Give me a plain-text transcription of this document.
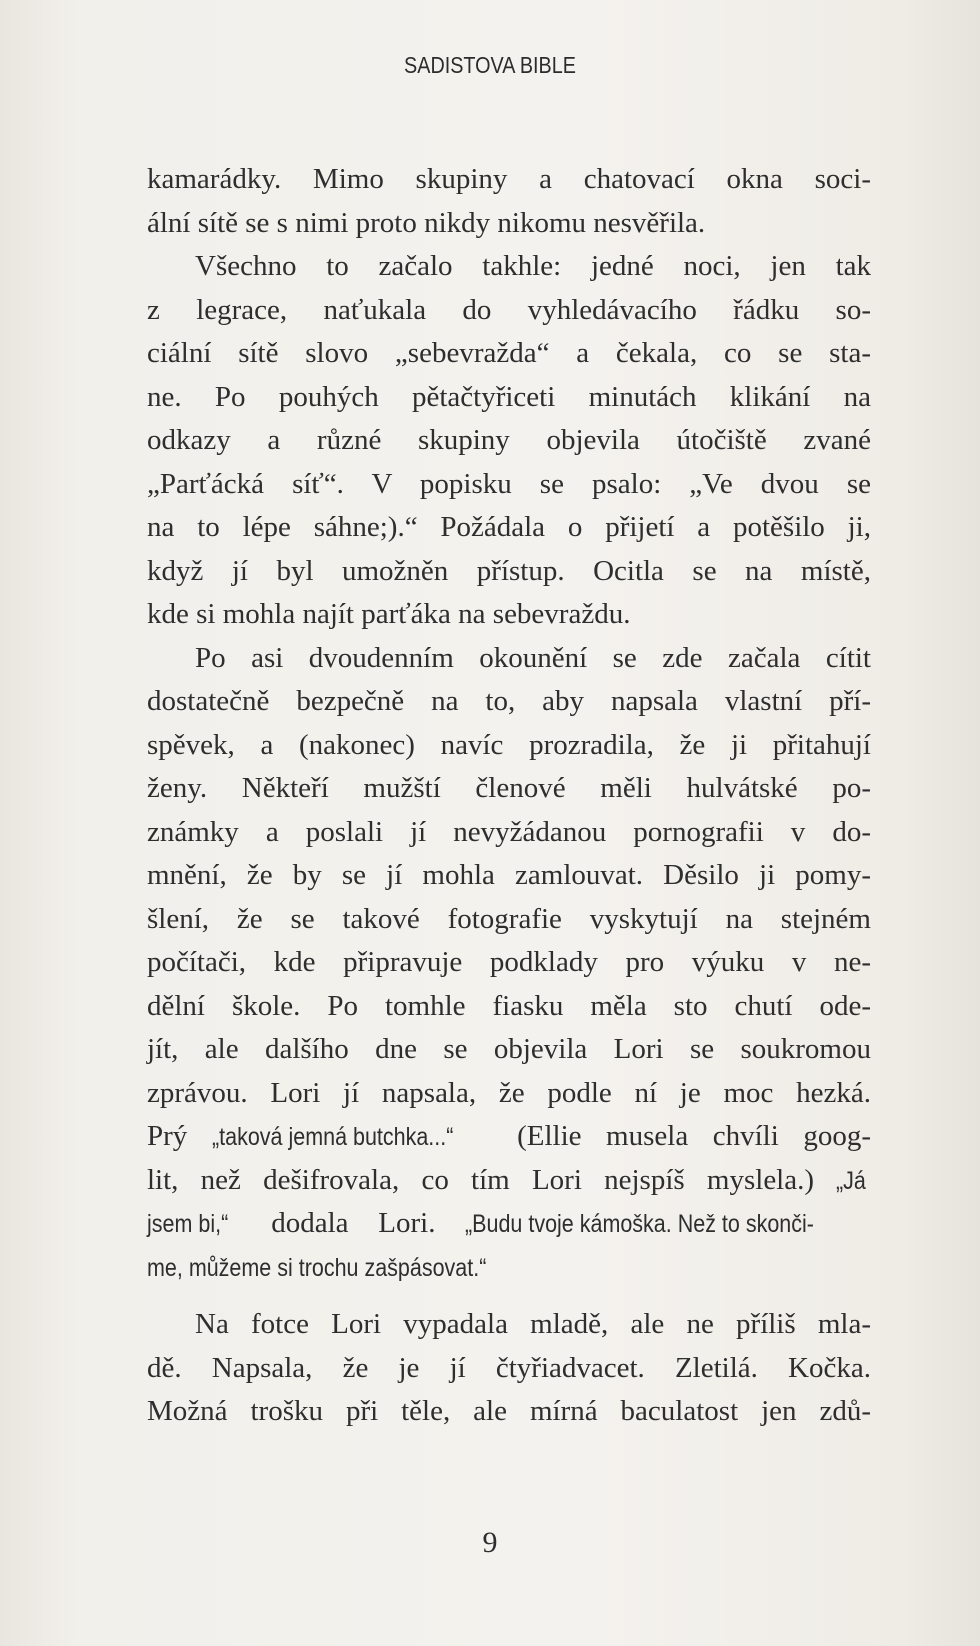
SADISTOVA BIBLE
kamarádky. Mimo skupiny a chatovací okna soci-
ální sítě se s nimi proto nikdy nikomu nesvěřila.
Všechno to začalo takhle: jedné noci, jen tak
z legrace, naťukala do vyhledávacího řádku so-
ciální sítě slovo „sebevražda“ a čekala, co se sta-
ne. Po pouhých pětačtyřiceti minutách klikání na
odkazy a různé skupiny objevila útočiště zvané
„Parťácká síť“. V popisku se psalo: „Ve dvou se
na to lépe sáhne;).“ Požádala o přijetí a potěšilo ji,
když jí byl umožněn přístup. Ocitla se na místě,
kde si mohla najít parťáka na sebevraždu.
Po asi dvoudenním okounění se zde začala cítit
dostatečně bezpečně na to, aby napsala vlastní pří-
spěvek, a (nakonec) navíc prozradila, že ji přitahují
ženy. Někteří mužští členové měli hulvátské po-
známky a poslali jí nevyžádanou pornografii v do-
mnění, že by se jí mohla zamlouvat. Děsilo ji pomy-
šlení, že se takové fotografie vyskytují na stejném
počítači, kde připravuje podklady pro výuku v ne-
dělní škole. Po tomhle fiasku měla sto chutí ode-
jít, ale dalšího dne se objevila Lori se soukromou
zprávou. Lori jí napsala, že podle ní je moc hezká.
Prý „taková jemná butchka...“ (Ellie musela chvíli goog-
lit, než dešifrovala, co tím Lori nejspíš myslela.) „Já
jsem bi,“ dodala Lori. „Budu tvoje kámoška. Než to skonči-
me, můžeme si trochu zašpásovat.“
Na fotce Lori vypadala mladě, ale ne příliš mla-
dě. Napsala, že je jí čtyřiadvacet. Zletilá. Kočka.
Možná trošku při těle, ale mírná baculatost jen zdů-
9
